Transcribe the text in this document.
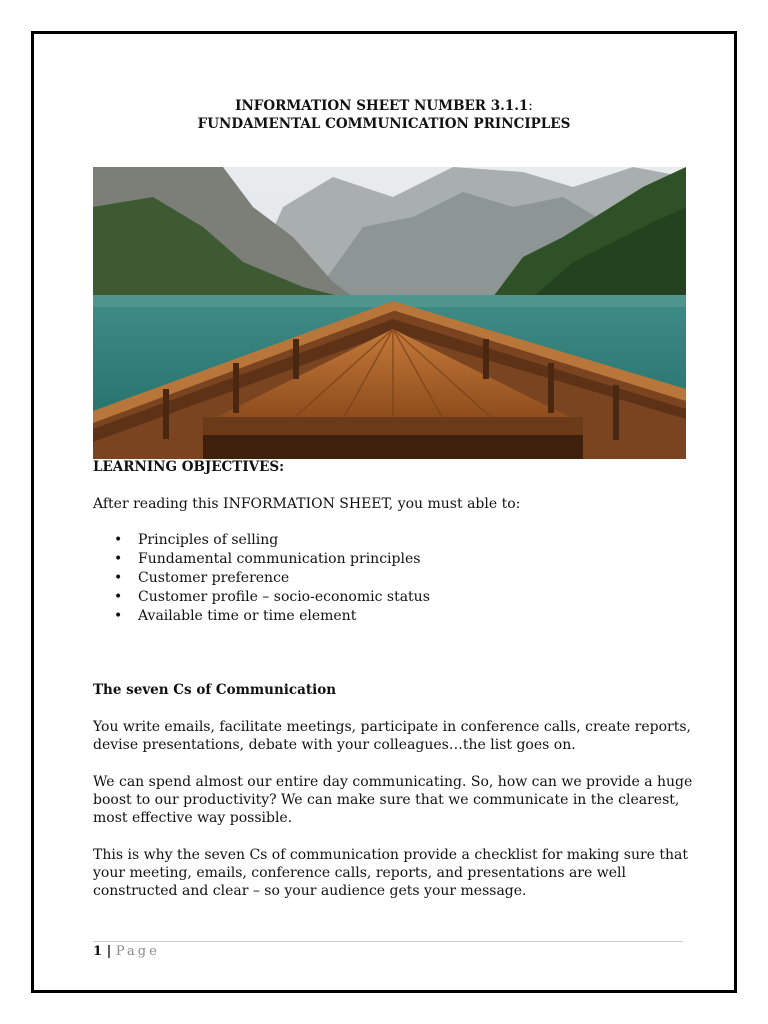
INFORMATION SHEET NUMBER 3.1.1:
FUNDAMENTAL COMMUNICATION PRINCIPLES
LEARNING OBJECTIVES:
After reading this INFORMATION SHEET, you must able to:
• Principles of selling
• Fundamental communication principles
• Customer preference
• Customer profile – socio-economic status
• Available time or time element
The seven Cs of Communication
You write emails, facilitate meetings, participate in conference calls, create reports, devise presentations, debate with your colleagues…the list goes on.
We can spend almost our entire day communicating. So, how can we provide a huge boost to our productivity? We can make sure that we communicate in the clearest, most effective way possible.
This is why the seven Cs of communication provide a checklist for making sure that your meeting, emails, conference calls, reports, and presentations are well constructed and clear – so your audience gets your message.
1 | Page
